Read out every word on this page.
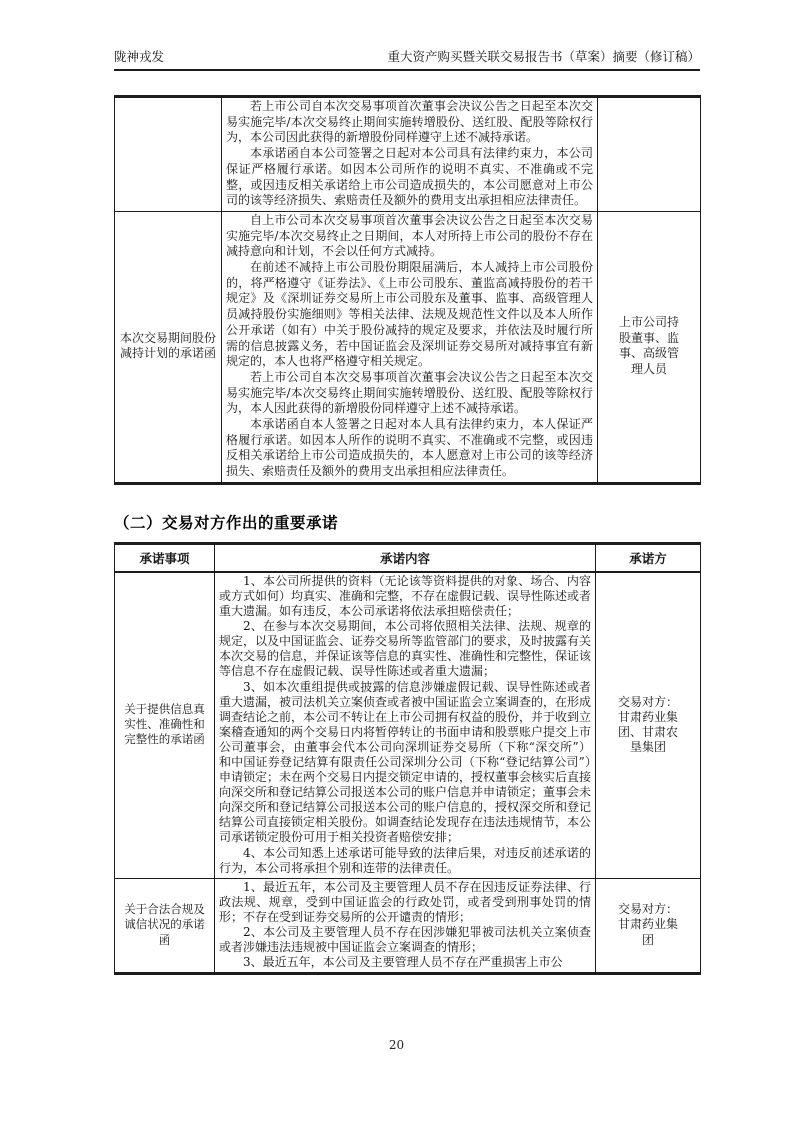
陇神戎发	重大资产购买暨关联交易报告书（草案）摘要（修订稿）

	若上市公司自本次交易事项首次董事会决议公告之日起至本次交易实施完毕/本次交易终止期间实施转增股份、送红股、配股等除权行为，本公司因此获得的新增股份同样遵守上述不减持承诺。

本承诺函自本公司签署之日起对本公司具有法律约束力，本公司保证严格履行承诺。如因本公司所作的说明不真实、不准确或不完整，或因违反相关承诺给上市公司造成损失的，本公司愿意对上市公司的该等经济损失、索赔责任及额外的费用支出承担相应法律责任。	

本次交易期间股份减持计划的承诺函	自上市公司本次交易事项首次董事会决议公告之日起至本次交易实施完毕/本次交易终止之日期间，本人对所持上市公司的股份不存在减持意向和计划，不会以任何方式减持。

在前述不减持上市公司股份期限届满后，本人减持上市公司股份的，将严格遵守《证券法》、《上市公司股东、董监高减持股份的若干规定》及《深圳证券交易所上市公司股东及董事、监事、高级管理人员减持股份实施细则》等相关法律、法规及规范性文件以及本人所作公开承诺（如有）中关于股份减持的规定及要求，并依法及时履行所需的信息披露义务，若中国证监会及深圳证券交易所对减持事宜有新规定的，本人也将严格遵守相关规定。

若上市公司自本次交易事项首次董事会决议公告之日起至本次交易实施完毕/本次交易终止期间实施转增股份、送红股、配股等除权行为，本人因此获得的新增股份同样遵守上述不减持承诺。

本承诺函自本人签署之日起对本人具有法律约束力，本人保证严格履行承诺。如因本人所作的说明不真实、不准确或不完整，或因违反相关承诺给上市公司造成损失的，本人愿意对上市公司的该等经济损失、索赔责任及额外的费用支出承担相应法律责任。	上市公司持股董事、监事、高级管理人员
（二）交易对方作出的重要承诺
承诺事项	承诺内容	承诺方

关于提供信息真实性、准确性和完整性的承诺函	1、本公司所提供的资料（无论该等资料提供的对象、场合、内容或方式如何）均真实、准确和完整，不存在虚假记载、误导性陈述或者重大遗漏。如有违反，本公司承诺将依法承担赔偿责任；

2、在参与本次交易期间，本公司将依照相关法律、法规、规章的规定，以及中国证监会、证券交易所等监管部门的要求，及时披露有关本次交易的信息，并保证该等信息的真实性、准确性和完整性，保证该等信息不存在虚假记载、误导性陈述或者重大遗漏；

3、如本次重组提供或披露的信息涉嫌虚假记载、误导性陈述或者重大遗漏，被司法机关立案侦查或者被中国证监会立案调查的，在形成调查结论之前，本公司不转让在上市公司拥有权益的股份，并于收到立案稽查通知的两个交易日内将暂停转让的书面申请和股票账户提交上市公司董事会，由董事会代本公司向深圳证券交易所（下称“深交所”）和中国证券登记结算有限责任公司深圳分公司（下称“登记结算公司”）申请锁定；未在两个交易日内提交锁定申请的，授权董事会核实后直接向深交所和登记结算公司报送本公司的账户信息并申请锁定；董事会未向深交所和登记结算公司报送本公司的账户信息的，授权深交所和登记结算公司直接锁定相关股份。如调查结论发现存在违法违规情节，本公司承诺锁定股份可用于相关投资者赔偿安排；

4、本公司知悉上述承诺可能导致的法律后果，对违反前述承诺的行为，本公司将承担个别和连带的法律责任。	交易对方：甘肃药业集团、甘肃农垦集团

关于合法合规及诚信状况的承诺函	1、最近五年，本公司及主要管理人员不存在因违反证券法律、行政法规、规章，受到中国证监会的行政处罚，或者受到刑事处罚的情形；不存在受到证券交易所的公开谴责的情形；

2、本公司及主要管理人员不存在因涉嫌犯罪被司法机关立案侦查或者涉嫌违法违规被中国证监会立案调查的情形；

3、最近五年，本公司及主要管理人员不存在严重损害上市公	交易对方：甘肃药业集团
20
